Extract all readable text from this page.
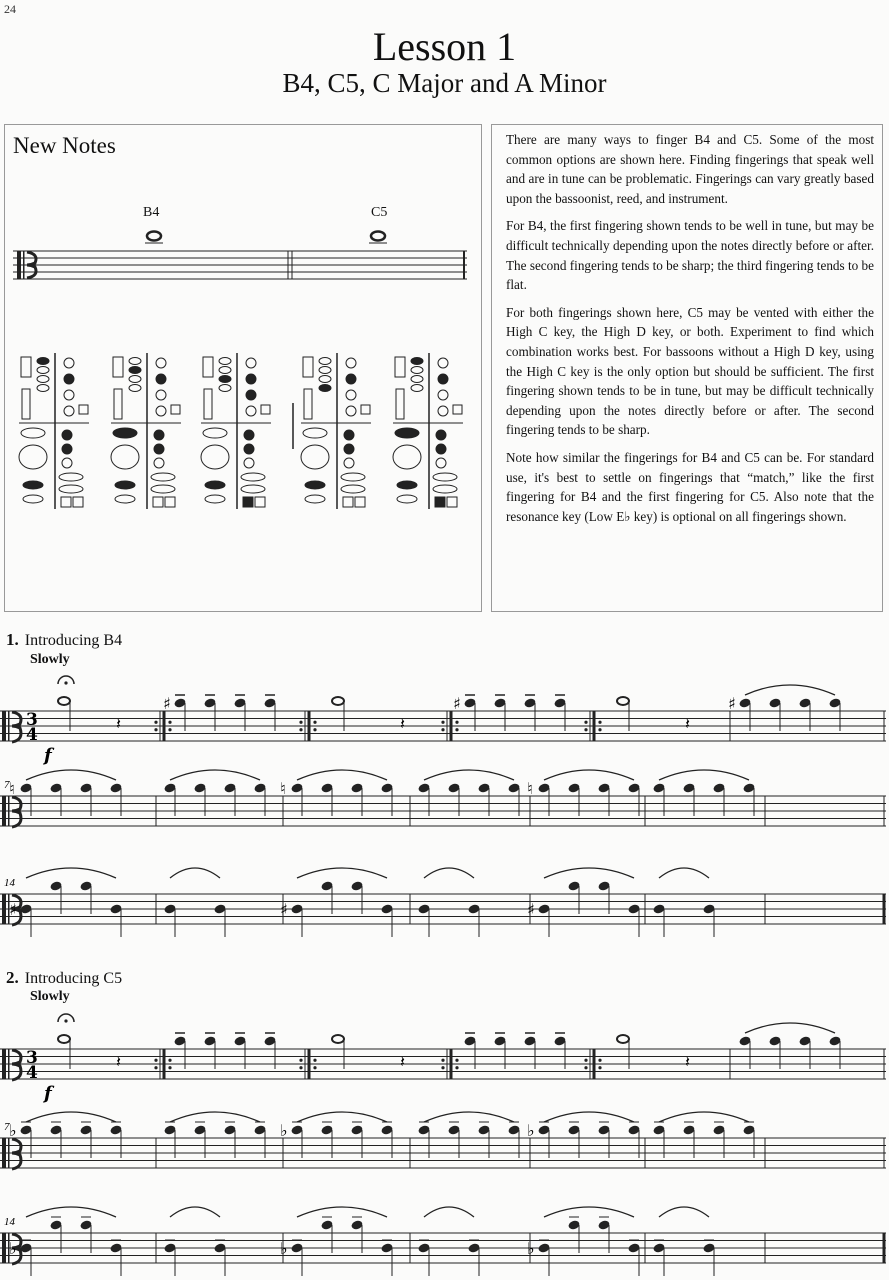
24
Lesson 1
B4, C5, C Major and A Minor
New Notes
B4	C5

There are many ways to finger B4 and C5. Some of the most common options are shown here. Finding fingerings that speak well and are in tune can be problematic. Fingerings can vary greatly based upon the bassoonist, reed, and instrument.

For B4, the first fingering shown tends to be well in tune, but may be difficult technically depending upon the notes directly before or after. The second fingering tends to be sharp; the third fingering tends to be flat.

For both fingerings shown here, C5 may be vented with either the High C key, the High D key, or both. Experiment to find which combination works best. For bassoons without a High D key, using the High C key is the only option but should be sufficient. The first fingering shown tends to be in tune, but may be difficult technically depending upon the notes directly before or after. The second fingering tends to be sharp.

Note how similar the fingerings for B4 and C5 can be. For standard use, it's best to settle on fingerings that “match,” like the first fingering for B4 and the first fingering for C5. Also note that the resonance key (Low E♭ key) is optional on all fingerings shown.

1. Introducing B4
Slowly
3
4
f
𝄽
♯
𝄽
♯
𝄽
♯
7 ♮	♮	♮
14
♯	♯	♯
2. Introducing C5
Slowly
3
4
f
𝄽	𝄽	𝄽
7 ♭	♭	♭
14
♭	♭	♭
